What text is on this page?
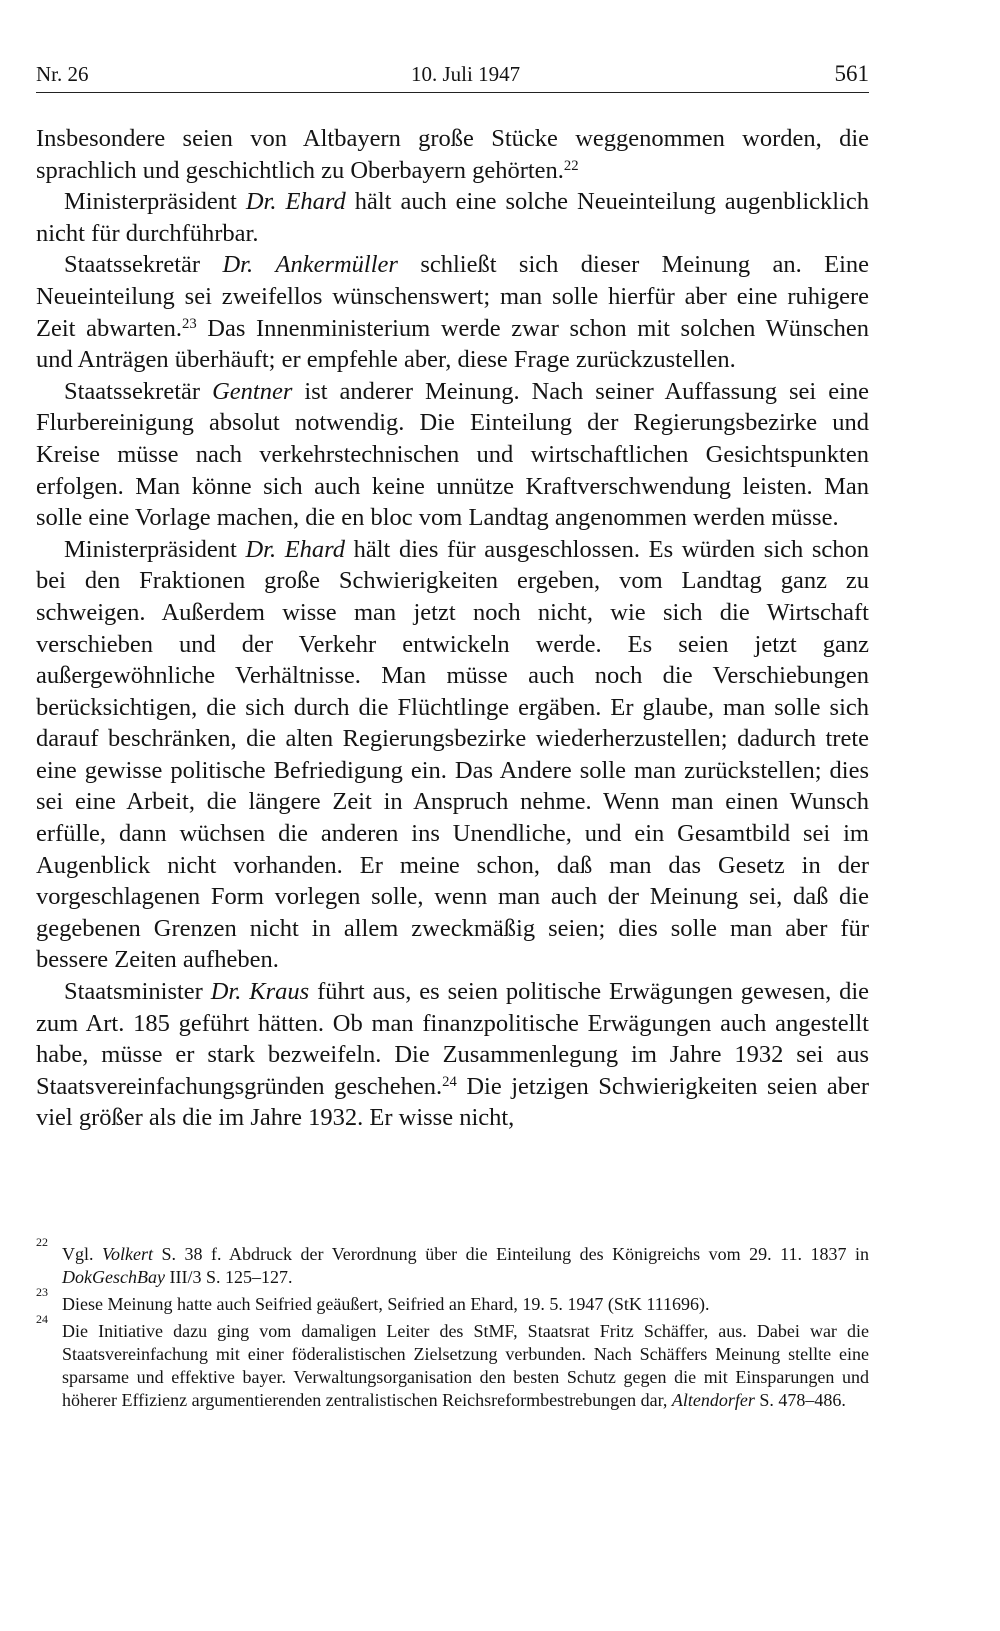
Nr. 26	10. Juli 1947	561

Insbesondere seien von Altbayern große Stücke weggenommen worden, die sprachlich und geschichtlich zu Oberbayern gehörten.$^{22}$

Ministerpräsident Dr. Ehard hält auch eine solche Neueinteilung augenblicklich nicht für durchführbar.

Staatssekretär Dr. Ankermüller schließt sich dieser Meinung an. Eine Neueinteilung sei zweifellos wünschenswert; man solle hierfür aber eine ruhigere Zeit abwarten.$^{23}$ Das Innenministerium werde zwar schon mit solchen Wünschen und Anträgen überhäuft; er empfehle aber, diese Frage zurückzustellen.

Staatssekretär Gentner ist anderer Meinung. Nach seiner Auffassung sei eine Flurbereinigung absolut notwendig. Die Einteilung der Regierungsbezirke und Kreise müsse nach verkehrstechnischen und wirtschaftlichen Gesichtspunkten erfolgen. Man könne sich auch keine unnütze Kraftverschwendung leisten. Man solle eine Vorlage machen, die en bloc vom Landtag angenommen werden müsse.

Ministerpräsident Dr. Ehard hält dies für ausgeschlossen. Es würden sich schon bei den Fraktionen große Schwierigkeiten ergeben, vom Landtag ganz zu schweigen. Außerdem wisse man jetzt noch nicht, wie sich die Wirtschaft verschieben und der Verkehr entwickeln werde. Es seien jetzt ganz außergewöhnliche Verhältnisse. Man müsse auch noch die Verschiebungen berücksichtigen, die sich durch die Flüchtlinge ergäben. Er glaube, man solle sich darauf beschränken, die alten Regierungsbezirke wiederherzustellen; dadurch trete eine gewisse politische Befriedigung ein. Das Andere solle man zurückstellen; dies sei eine Arbeit, die längere Zeit in Anspruch nehme. Wenn man einen Wunsch erfülle, dann wüchsen die anderen ins Unendliche, und ein Gesamtbild sei im Augenblick nicht vorhanden. Er meine schon, daß man das Gesetz in der vorgeschlagenen Form vorlegen solle, wenn man auch der Meinung sei, daß die gegebenen Grenzen nicht in allem zweckmäßig seien; dies solle man aber für bessere Zeiten aufheben.

Staatsminister Dr. Kraus führt aus, es seien politische Erwägungen gewesen, die zum Art. 185 geführt hätten. Ob man finanzpolitische Erwägungen auch angestellt habe, müsse er stark bezweifeln. Die Zusammenlegung im Jahre 1932 sei aus Staatsvereinfachungsgründen geschehen.$^{24}$ Die jetzigen Schwierigkeiten seien aber viel größer als die im Jahre 1932. Er wisse nicht,

22
Vgl. Volkert S. 38 f. Abdruck der Verordnung über die Einteilung des Königreichs vom 29. 11. 1837 in DokGeschBay III/3 S. 125–127.
23
Diese Meinung hatte auch Seifried geäußert, Seifried an Ehard, 19. 5. 1947 (StK 111696).
24
Die Initiative dazu ging vom damaligen Leiter des StMF, Staatsrat Fritz Schäffer, aus. Dabei war die Staatsvereinfachung mit einer föderalistischen Zielsetzung verbunden. Nach Schäffers Meinung stellte eine sparsame und effektive bayer. Verwaltungsorganisation den besten Schutz gegen die mit Einsparungen und höherer Effizienz argumentierenden zentralistischen Reichsreformbestrebungen dar, Altendorfer S. 478–486.
